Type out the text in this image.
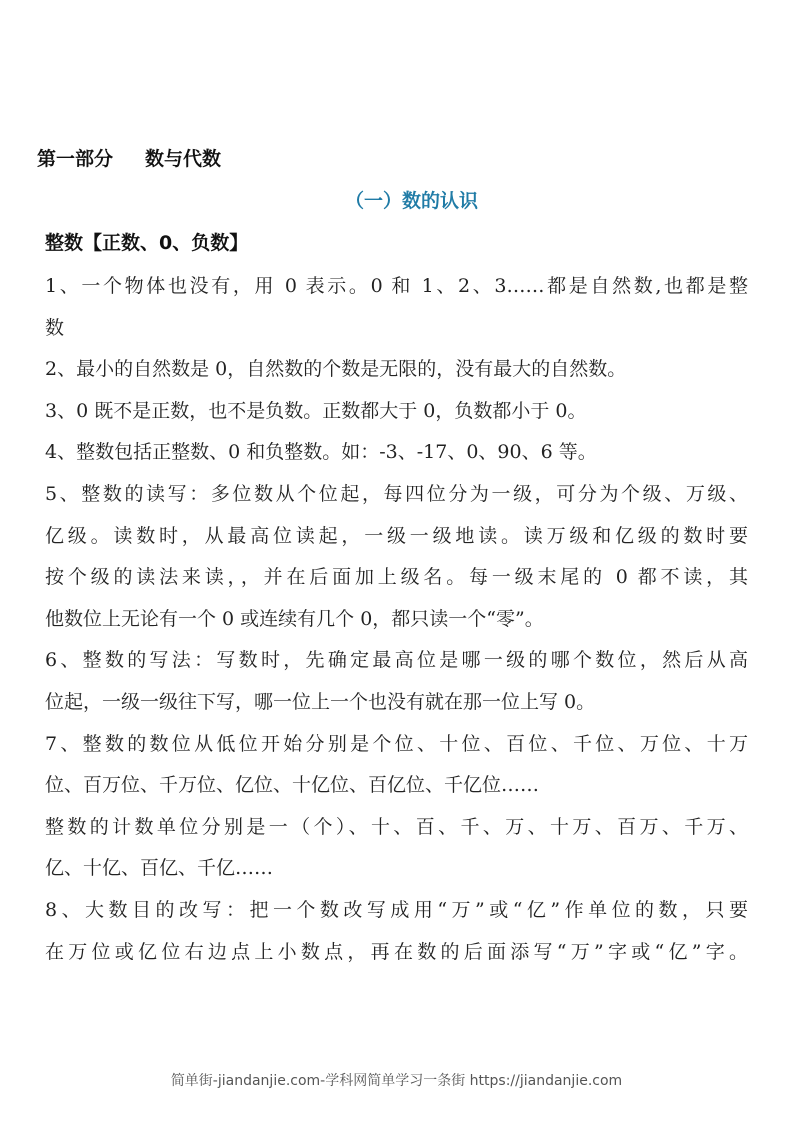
第一部分 数与代数
（一）数的认识
整数【正数、0、负数】
1、一个物体也没有，用 0 表示。0 和 1、2、3……都是自然数,也都是整
数
2、最小的自然数是 0，自然数的个数是无限的，没有最大的自然数。
3、0 既不是正数，也不是负数。正数都大于 0，负数都小于 0。
4、整数包括正整数、0 和负整数。如：-3、-17、0、90、6 等。
5、整数的读写：多位数从个位起，每四位分为一级，可分为个级、万级、
亿级。读数时，从最高位读起，一级一级地读。读万级和亿级的数时要
按个级的读法来读，，并在后面加上级名。每一级末尾的 0 都不读，其
他数位上无论有一个 0 或连续有几个 0，都只读一个“零”。
6、整数的写法：写数时，先确定最高位是哪一级的哪个数位，然后从高
位起，一级一级往下写，哪一位上一个也没有就在那一位上写 0。
7、整数的数位从低位开始分别是个位、十位、百位、千位、万位、十万
位、百万位、千万位、亿位、十亿位、百亿位、千亿位……
整数的计数单位分别是一（个）、十、百、千、万、十万、百万、千万、
亿、十亿、百亿、千亿……
8、大数目的改写：把一个数改写成用“万”或“亿”作单位的数，只要
在万位或亿位右边点上小数点，再在数的后面添写“万”字或“亿”字。
简单街-jiandanjie.com-学科网简单学习一条街 https://jiandanjie.com
